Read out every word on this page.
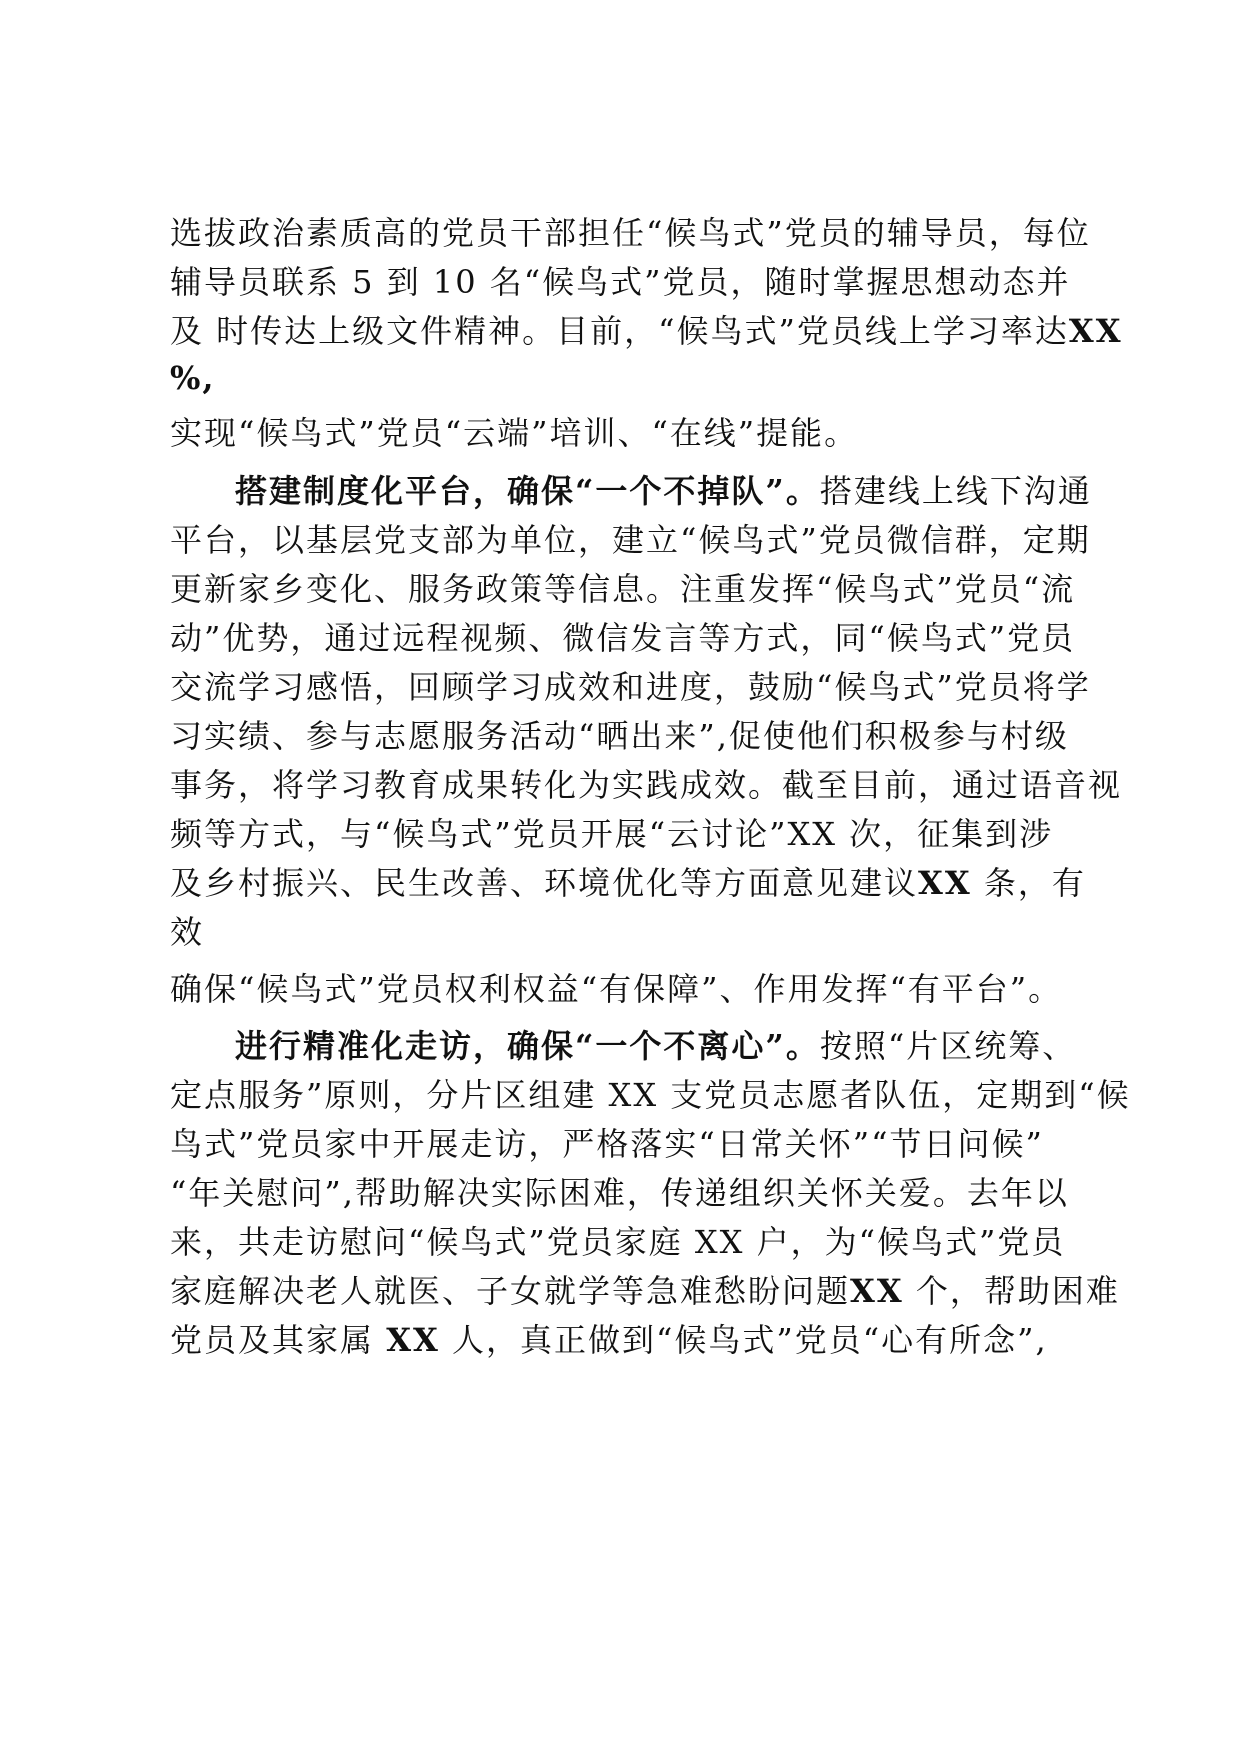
选拔政治素质高的党员干部担任“候鸟式”党员的辅导员，每位
辅导员联系 5 到 10 名“候鸟式”党员，随时掌握思想动态并
及 时传达上级文件精神。目前，“候鸟式”党员线上学习率达XX
%,
实现“候鸟式”党员“云端”培训、“在线”提能。
搭建制度化平台，确保“一个不掉队”。搭建线上线下沟通
平台，以基层党支部为单位，建立“候鸟式”党员微信群，定期
更新家乡变化、服务政策等信息。注重发挥“候鸟式”党员“流
动”优势，通过远程视频、微信发言等方式，同“候鸟式”党员
交流学习感悟，回顾学习成效和进度，鼓励“候鸟式”党员将学
习实绩、参与志愿服务活动“晒出来”,促使他们积极参与村级
事务，将学习教育成果转化为实践成效。截至目前，通过语音视
频等方式，与“候鸟式”党员开展“云讨论”XX 次，征集到涉
及乡村振兴、民生改善、环境优化等方面意见建议XX 条，有
效
确保“候鸟式”党员权利权益“有保障”、作用发挥“有平台”。
进行精准化走访，确保“一个不离心”。按照“片区统筹、
定点服务”原则，分片区组建 XX 支党员志愿者队伍，定期到“候
鸟式”党员家中开展走访，严格落实“日常关怀”“节日问候”
“年关慰问”,帮助解决实际困难，传递组织关怀关爱。去年以
来，共走访慰问“候鸟式”党员家庭 XX 户，为“候鸟式”党员
家庭解决老人就医、子女就学等急难愁盼问题XX 个，帮助困难
党员及其家属 XX 人，真正做到“候鸟式”党员“心有所念”,
